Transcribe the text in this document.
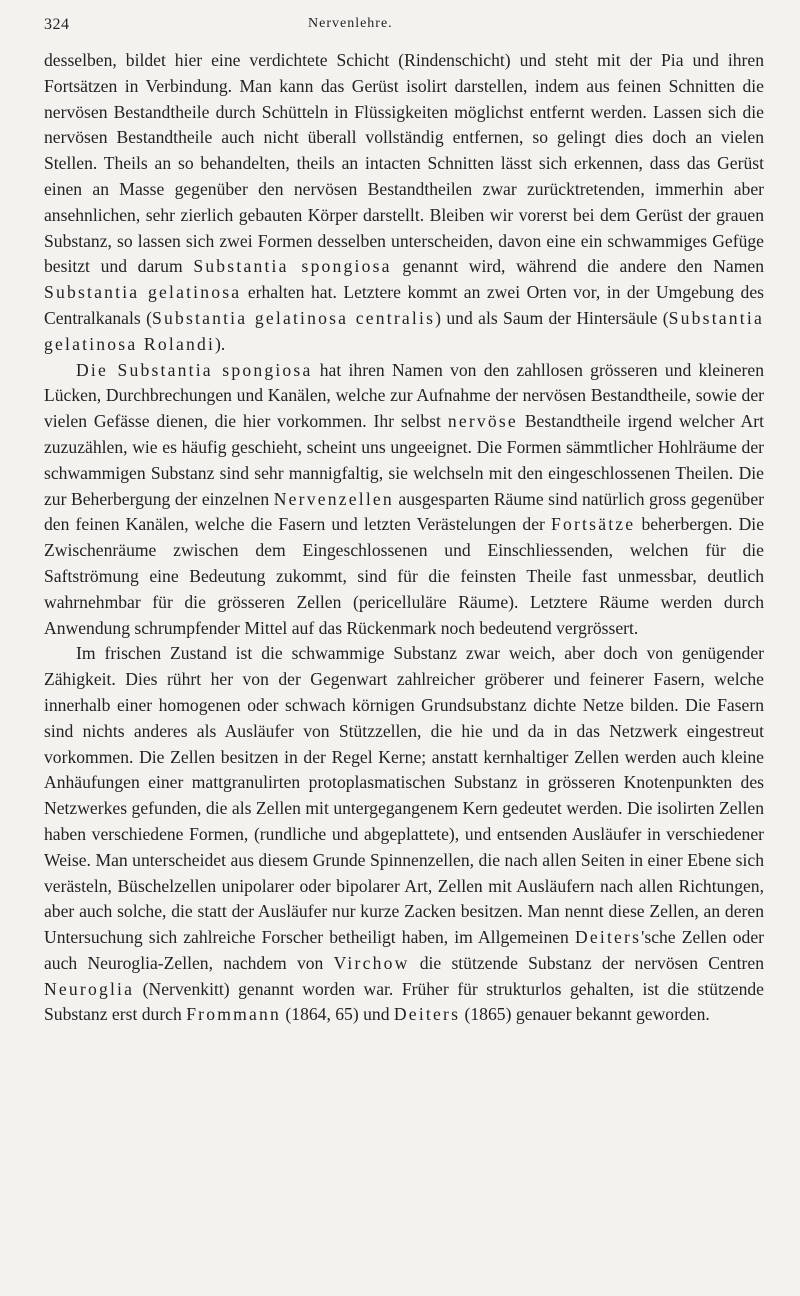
324	Nervenlehre.

desselben, bildet hier eine verdichtete Schicht (Rindenschicht) und steht mit der Pia und ihren Fortsätzen in Verbindung. Man kann das Gerüst isolirt darstellen, indem aus feinen Schnitten die nervösen Bestandtheile durch Schütteln in Flüssigkeiten möglichst entfernt werden. Lassen sich die nervösen Bestandtheile auch nicht überall vollständig entfernen, so gelingt dies doch an vielen Stellen. Theils an so behandelten, theils an intacten Schnitten lässt sich erkennen, dass das Gerüst einen an Masse gegenüber den nervösen Bestandtheilen zwar zurücktretenden, immerhin aber ansehnlichen, sehr zierlich gebauten Körper darstellt. Bleiben wir vorerst bei dem Gerüst der grauen Substanz, so lassen sich zwei Formen desselben unterscheiden, davon eine ein schwammiges Gefüge besitzt und darum Substantia spongiosa genannt wird, während die andere den Namen Substantia gelatinosa erhalten hat. Letztere kommt an zwei Orten vor, in der Umgebung des Centralkanals (Substantia gelatinosa centralis) und als Saum der Hintersäule (Substantia gelatinosa Rolandi).

Die Substantia spongiosa hat ihren Namen von den zahllosen grösseren und kleineren Lücken, Durchbrechungen und Kanälen, welche zur Aufnahme der nervösen Bestandtheile, sowie der vielen Gefässe dienen, die hier vorkommen. Ihr selbst nervöse Bestandtheile irgend welcher Art zuzuzählen, wie es häufig geschieht, scheint uns ungeeignet. Die Formen sämmtlicher Hohlräume der schwammigen Substanz sind sehr mannigfaltig, sie welchseln mit den eingeschlossenen Theilen. Die zur Beherbergung der einzelnen Nervenzellen ausgesparten Räume sind natürlich gross gegenüber den feinen Kanälen, welche die Fasern und letzten Verästelungen der Fortsätze beherbergen. Die Zwischenräume zwischen dem Eingeschlossenen und Einschliessenden, welchen für die Saftströmung eine Bedeutung zukommt, sind für die feinsten Theile fast unmessbar, deutlich wahrnehmbar für die grösseren Zellen (pericelluläre Räume). Letztere Räume werden durch Anwendung schrumpfender Mittel auf das Rückenmark noch bedeutend vergrössert.

Im frischen Zustand ist die schwammige Substanz zwar weich, aber doch von genügender Zähigkeit. Dies rührt her von der Gegenwart zahlreicher gröberer und feinerer Fasern, welche innerhalb einer homogenen oder schwach körnigen Grundsubstanz dichte Netze bilden. Die Fasern sind nichts anderes als Ausläufer von Stützzellen, die hie und da in das Netzwerk eingestreut vorkommen. Die Zellen besitzen in der Regel Kerne; anstatt kernhaltiger Zellen werden auch kleine Anhäufungen einer mattgranulirten protoplasmatischen Substanz in grösseren Knotenpunkten des Netzwerkes gefunden, die als Zellen mit untergegangenem Kern gedeutet werden. Die isolirten Zellen haben verschiedene Formen, (rundliche und abgeplattete), und entsenden Ausläufer in verschiedener Weise. Man unterscheidet aus diesem Grunde Spinnenzellen, die nach allen Seiten in einer Ebene sich verästeln, Büschelzellen unipolarer oder bipolarer Art, Zellen mit Ausläufern nach allen Richtungen, aber auch solche, die statt der Ausläufer nur kurze Zacken besitzen. Man nennt diese Zellen, an deren Untersuchung sich zahlreiche Forscher betheiligt haben, im Allgemeinen Deiters'sche Zellen oder auch Neuroglia-Zellen, nachdem von Virchow die stützende Substanz der nervösen Centren Neuroglia (Nervenkitt) genannt worden war. Früher für strukturlos gehalten, ist die stützende Substanz erst durch Frommann (1864, 65) und Deiters (1865) genauer bekannt geworden.
